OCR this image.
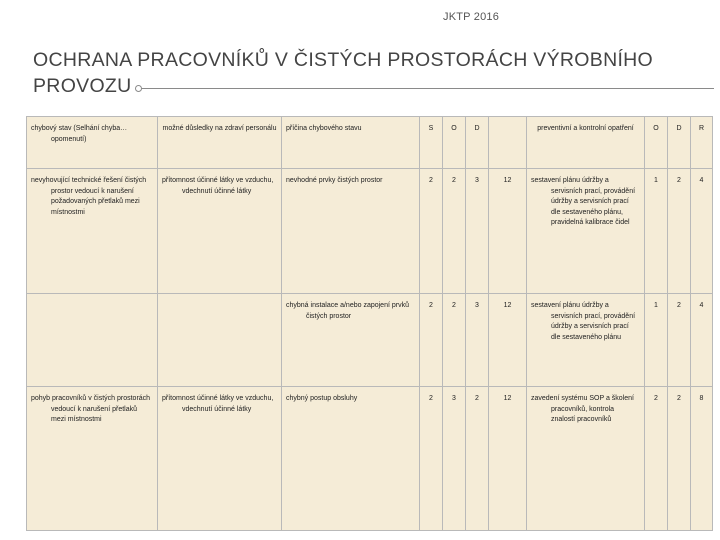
JKTP 2016
OCHRANA PRACOVNÍKŮ V ČISTÝCH PROSTORÁCH VÝROBNÍHO PROVOZU
chybový stav (Selhání chyba… opomenutí)	možné důsledky na zdraví personálu	příčina chybového stavu	S	O	D		preventivní a kontrolní opatření	O	D	R
nevyhovující technické řešení čistých prostor vedoucí k narušení požadovaných přetlaků mezi místnostmi	přítomnost účinné látky ve vzduchu, vdechnutí účinné látky	nevhodné prvky čistých prostor	2	2	3	12	sestavení plánu údržby a servisních prací, provádění údržby a servisních prací dle sestaveného plánu, pravidelná kalibrace čidel	1	2	4
		chybná instalace a/nebo zapojení prvků čistých prostor	2	2	3	12	sestavení plánu údržby a servisních prací, provádění údržby a servisních prací dle sestaveného plánu	1	2	4
pohyb pracovníků v čistých prostorách vedoucí k narušení přetlaků mezi místnostmi	přítomnost účinné látky ve vzduchu, vdechnutí účinné látky	chybný postup obsluhy	2	3	2	12	zavedení systému SOP a školení pracovníků, kontrola znalostí pracovníků	2	2	8
